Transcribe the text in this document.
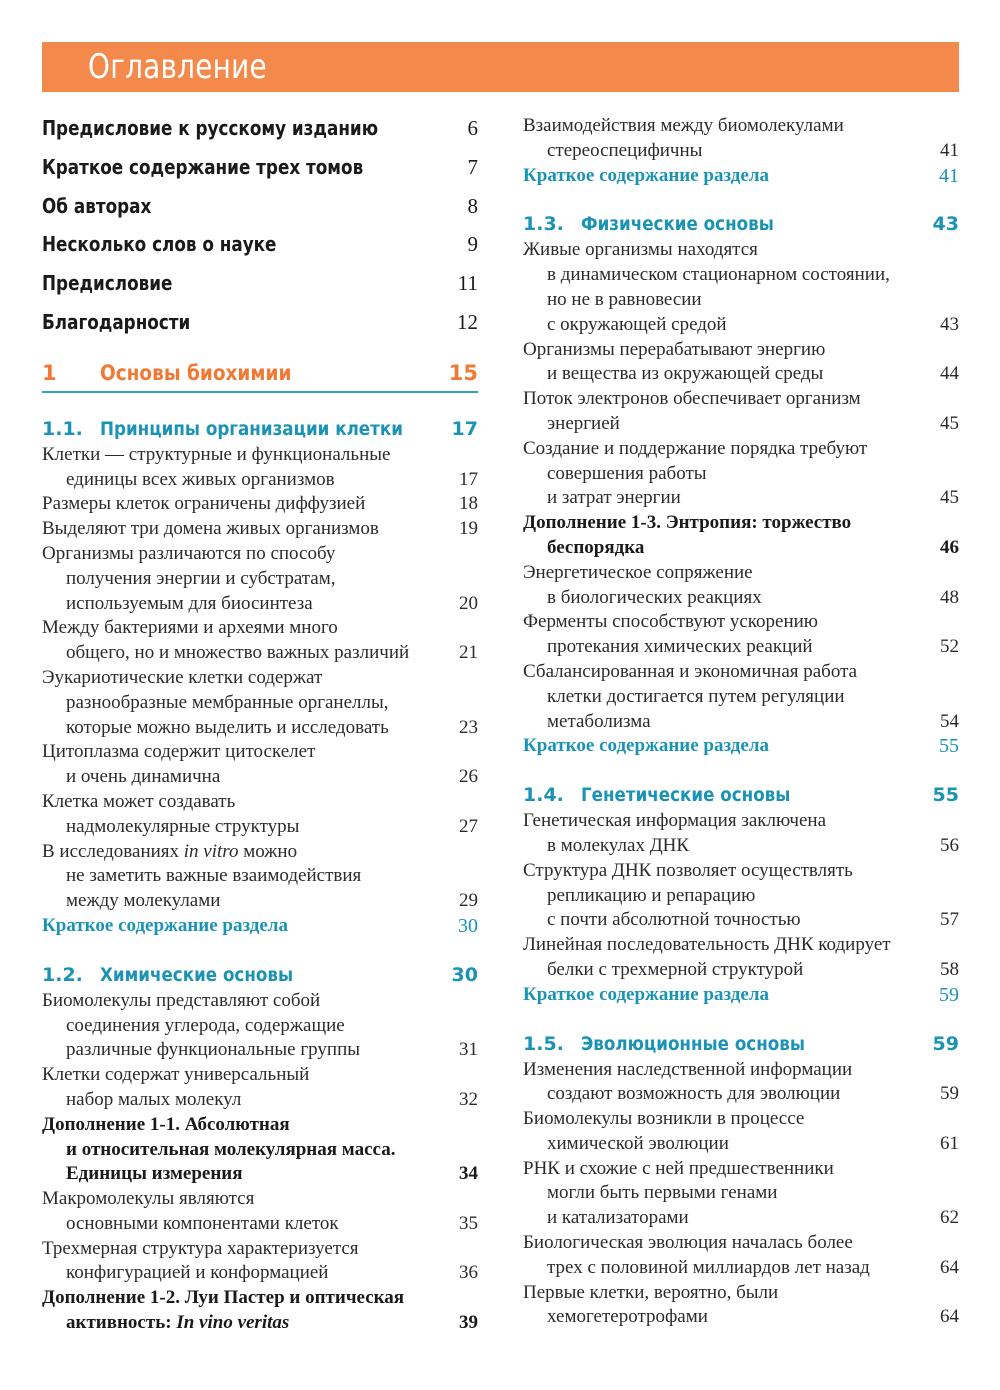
Оглавление
Предисловие к русскому изданию	6
Краткое содержание трех томов	7
Об авторах	8
Несколько слов о науке	9
Предисловие	11
Благодарности	12
1 Основы биохимии	15
1.1. Принципы организации клетки	17
Клетки — структурные и функциональные
единицы всех живых организмов	17
Размеры клеток ограничены диффузией	18
Выделяют три домена живых организмов	19
Организмы различаются по способу
получения энергии и субстратам,
используемым для биосинтеза	20
Между бактериями и археями много
общего, но и множество важных различий	21
Эукариотические клетки содержат
разнообразные мембранные органеллы,
которые можно выделить и исследовать	23
Цитоплазма содержит цитоскелет
и очень динамична	26
Клетка может создавать
надмолекулярные структуры	27
В исследованиях in vitro можно
не заметить важные взаимодействия
между молекулами	29
Краткое содержание раздела	30
1.2. Химические основы	30
Биомолекулы представляют собой
соединения углерода, содержащие
различные функциональные группы	31
Клетки содержат универсальный
набор малых молекул	32
Дополнение 1-1. Абсолютная
и относительная молекулярная масса.
Единицы измерения	34
Макромолекулы являются
основными компонентами клеток	35
Трехмерная структура характеризуется
конфигурацией и конформацией	36
Дополнение 1-2. Луи Пастер и оптическая
активность: In vino veritas	39
Взаимодействия между биомолекулами
стереоспецифичны	41
Краткое содержание раздела	41
1.3. Физические основы	43
Живые организмы находятся
в динамическом стационарном состоянии,
но не в равновесии
с окружающей средой	43
Организмы перерабатывают энергию
и вещества из окружающей среды	44
Поток электронов обеспечивает организм
энергией	45
Создание и поддержание порядка требуют
совершения работы
и затрат энергии	45
Дополнение 1-3. Энтропия: торжество
беспорядка	46
Энергетическое сопряжение
в биологических реакциях	48
Ферменты способствуют ускорению
протекания химических реакций	52
Сбалансированная и экономичная работа
клетки достигается путем регуляции
метаболизма	54
Краткое содержание раздела	55
1.4. Генетические основы	55
Генетическая информация заключена
в молекулах ДНК	56
Структура ДНК позволяет осуществлять
репликацию и репарацию
с почти абсолютной точностью	57
Линейная последовательность ДНК кодирует
белки с трехмерной структурой	58
Краткое содержание раздела	59
1.5. Эволюционные основы	59
Изменения наследственной информации
создают возможность для эволюции	59
Биомолекулы возникли в процессе
химической эволюции	61
РНК и схожие с ней предшественники
могли быть первыми генами
и катализаторами	62
Биологическая эволюция началась более
трех с половиной миллиардов лет назад	64
Первые клетки, вероятно, были
хемогетеротрофами	64
